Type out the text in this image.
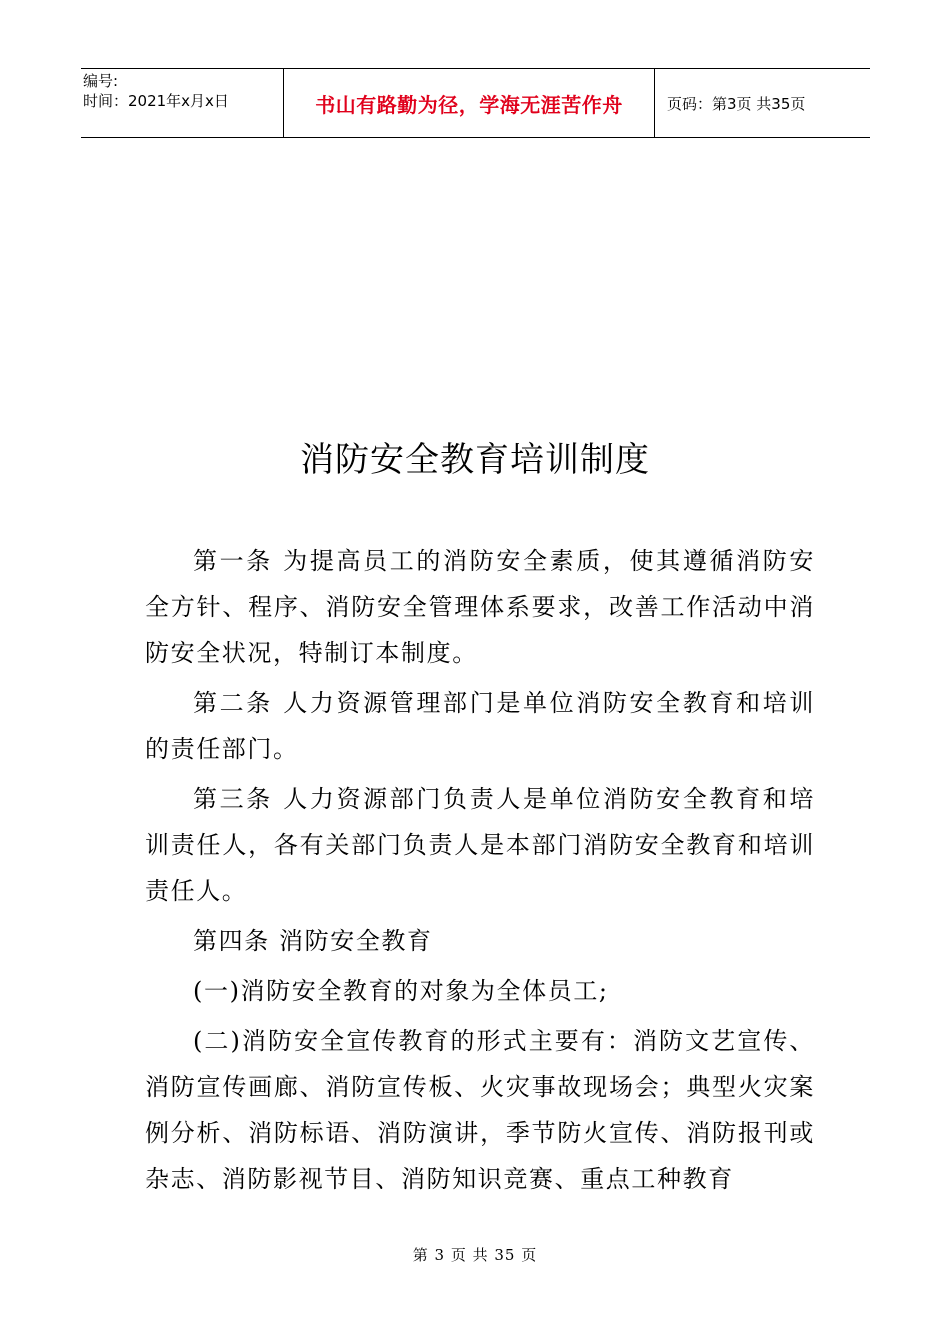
编号:
时间：2021年x月x日	书山有路勤为径，学海无涯苦作舟	页码：第3页 共35页
消防安全教育培训制度

第一条 为提高员工的消防安全素质，使其遵循消防安全方针、程序、消防安全管理体系要求，改善工作活动中消防安全状况，特制订本制度。

第二条 人力资源管理部门是单位消防安全教育和培训的责任部门。

第三条 人力资源部门负责人是单位消防安全教育和培训责任人，各有关部门负责人是本部门消防安全教育和培训责任人。

第四条 消防安全教育

(一)消防安全教育的对象为全体员工;

(二)消防安全宣传教育的形式主要有：消防文艺宣传、消防宣传画廊、消防宣传板、火灾事故现场会；典型火灾案例分析、消防标语、消防演讲，季节防火宣传、消防报刊或杂志、消防影视节目、消防知识竞赛、重点工种教育

第 3 页 共 35 页
